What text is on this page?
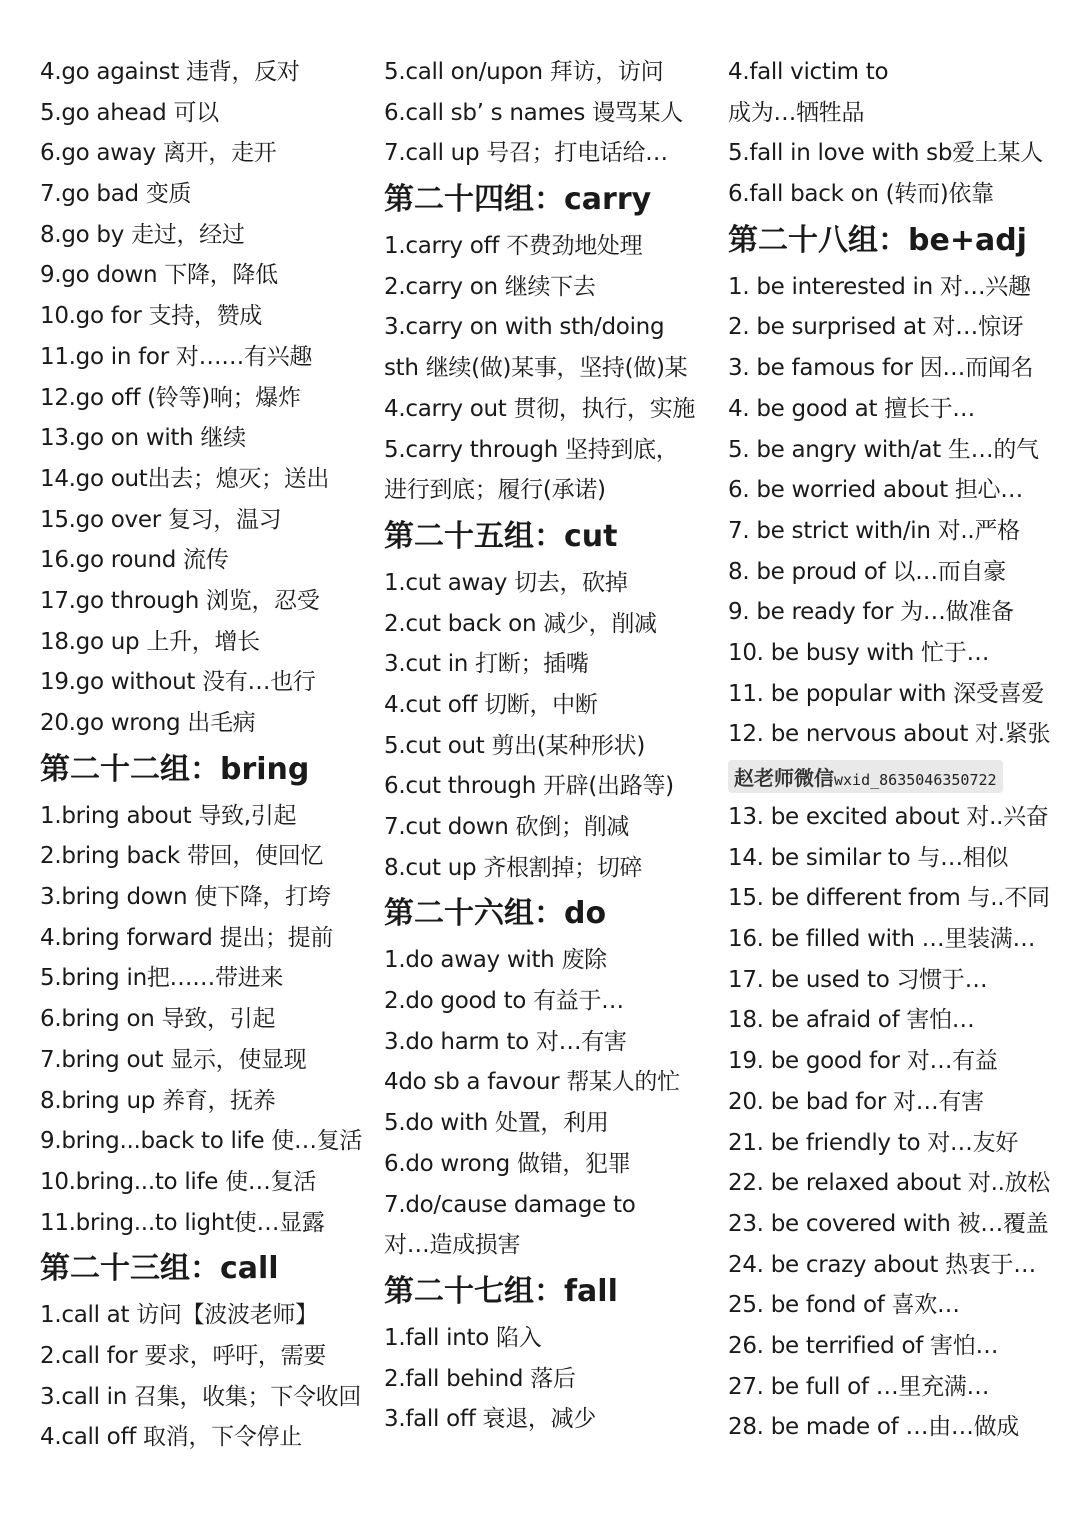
4.go against 违背，反对
5.go ahead 可以
6.go away 离开，走开
7.go bad 变质
8.go by 走过，经过
9.go down 下降，降低
10.go for 支持，赞成
11.go in for 对……有兴趣
12.go off (铃等)响；爆炸
13.go on with 继续
14.go out出去；熄灭；送出
15.go over 复习，温习
16.go round 流传
17.go through 浏览，忍受
18.go up 上升，增长
19.go without 没有…也行
20.go wrong 出毛病
第二十二组：bring
1.bring about 导致,引起
2.bring back 带回，使回忆
3.bring down 使下降，打垮
4.bring forward 提出；提前
5.bring in把……带进来
6.bring on 导致，引起
7.bring out 显示，使显现
8.bring up 养育，抚养
9.bring...back to life 使…复活
10.bring...to life 使…复活
11.bring...to light使…显露
第二十三组：call
1.call at 访问【波波老师】
2.call for 要求，呼吁，需要
3.call in 召集，收集；下令收回
4.call off 取消，下令停止
5.call on/upon 拜访，访问
6.call sb’ s names 谩骂某人
7.call up 号召；打电话给…
第二十四组：carry
1.carry off 不费劲地处理
2.carry on 继续下去
3.carry on with sth/doing
sth 继续(做)某事，坚持(做)某
4.carry out 贯彻，执行，实施
5.carry through 坚持到底，
进行到底；履行(承诺)
第二十五组：cut
1.cut away 切去，砍掉
2.cut back on 减少，削减
3.cut in 打断；插嘴
4.cut off 切断，中断
5.cut out 剪出(某种形状)
6.cut through 开辟(出路等)
7.cut down 砍倒；削减
8.cut up 齐根割掉；切碎
第二十六组：do
1.do away with 废除
2.do good to 有益于…
3.do harm to 对…有害
4do sb a favour 帮某人的忙
5.do with 处置，利用
6.do wrong 做错，犯罪
7.do/cause damage to
对…造成损害
第二十七组：fall
1.fall into 陷入
2.fall behind 落后
3.fall off 衰退，减少
4.fall victim to
成为…牺牲品
5.fall in love with sb爱上某人
6.fall back on (转而)依靠
第二十八组：be+adj
1. be interested in 对…兴趣
2. be surprised at 对…惊讶
3. be famous for 因…而闻名
4. be good at 擅长于…
5. be angry with/at 生…的气
6. be worried about 担心…
7. be strict with/in 对..严格
8. be proud of 以…而自豪
9. be ready for 为…做准备
10. be busy with 忙于…
11. be popular with 深受喜爱
12. be nervous about 对.紧张
赵老师微信wxid_8635046350722
13. be excited about 对..兴奋
14. be similar to 与…相似
15. be different from 与..不同
16. be filled with …里装满…
17. be used to 习惯于…
18. be afraid of 害怕…
19. be good for 对…有益
20. be bad for 对…有害
21. be friendly to 对…友好
22. be relaxed about 对..放松
23. be covered with 被…覆盖
24. be crazy about 热衷于…
25. be fond of 喜欢…
26. be terrified of 害怕…
27. be full of …里充满…
28. be made of …由…做成
